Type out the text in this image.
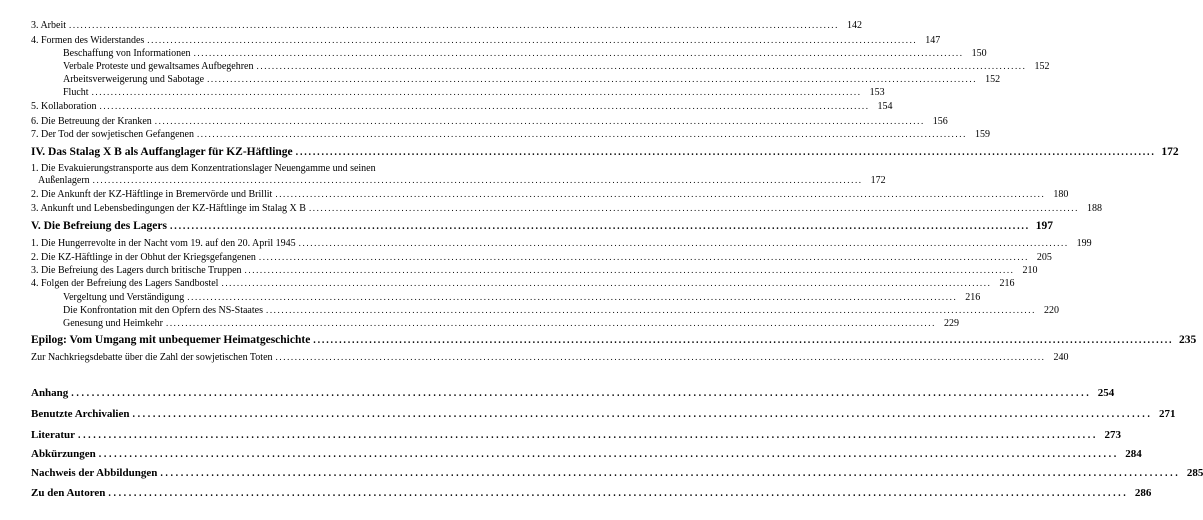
3. Arbeit ........................................................................................................................................................................................................ 142
4. Formen des Widerstandes ........................................................................................................................................................................................................ 147
Beschaffung von Informationen ........................................................................................................................................................................................................ 150
Verbale Proteste und gewaltsames Aufbegehren ........................................................................................................................................................................................................ 152
Arbeitsverweigerung und Sabotage ........................................................................................................................................................................................................ 152
Flucht ........................................................................................................................................................................................................ 153
5. Kollaboration ........................................................................................................................................................................................................ 154
6. Die Betreuung der Kranken ........................................................................................................................................................................................................ 156
7. Der Tod der sowjetischen Gefangenen ........................................................................................................................................................................................................ 159
IV. Das Stalag X B als Auffanglager für KZ-Häftlinge ........................................................................................................................................................................................................ 172
1. Die Evakuierungstransporte aus dem Konzentrationslager Neuengamme und seinen
Außenlagern ........................................................................................................................................................................................................ 172
2. Die Ankunft der KZ-Häftlinge in Bremervörde und Brillit ........................................................................................................................................................................................................ 180
3. Ankunft und Lebensbedingungen der KZ-Häftlinge im Stalag X B ........................................................................................................................................................................................................ 188
V. Die Befreiung des Lagers ........................................................................................................................................................................................................ 197
1. Die Hungerrevolte in der Nacht vom 19. auf den 20. April 1945 ........................................................................................................................................................................................................ 199
2. Die KZ-Häftlinge in der Obhut der Kriegsgefangenen ........................................................................................................................................................................................................ 205
3. Die Befreiung des Lagers durch britische Truppen ........................................................................................................................................................................................................ 210
4. Folgen der Befreiung des Lagers Sandbostel ........................................................................................................................................................................................................ 216
Vergeltung und Verständigung ........................................................................................................................................................................................................ 216
Die Konfrontation mit den Opfern des NS-Staates ........................................................................................................................................................................................................ 220
Genesung und Heimkehr ........................................................................................................................................................................................................ 229
Epilog: Vom Umgang mit unbequemer Heimatgeschichte ........................................................................................................................................................................................................ 235
Zur Nachkriegsdebatte über die Zahl der sowjetischen Toten ........................................................................................................................................................................................................ 240
Anhang ........................................................................................................................................................................................................ 254
Benutzte Archivalien ........................................................................................................................................................................................................ 271
Literatur ........................................................................................................................................................................................................ 273
Abkürzungen ........................................................................................................................................................................................................ 284
Nachweis der Abbildungen ........................................................................................................................................................................................................ 285
Zu den Autoren ........................................................................................................................................................................................................ 286
